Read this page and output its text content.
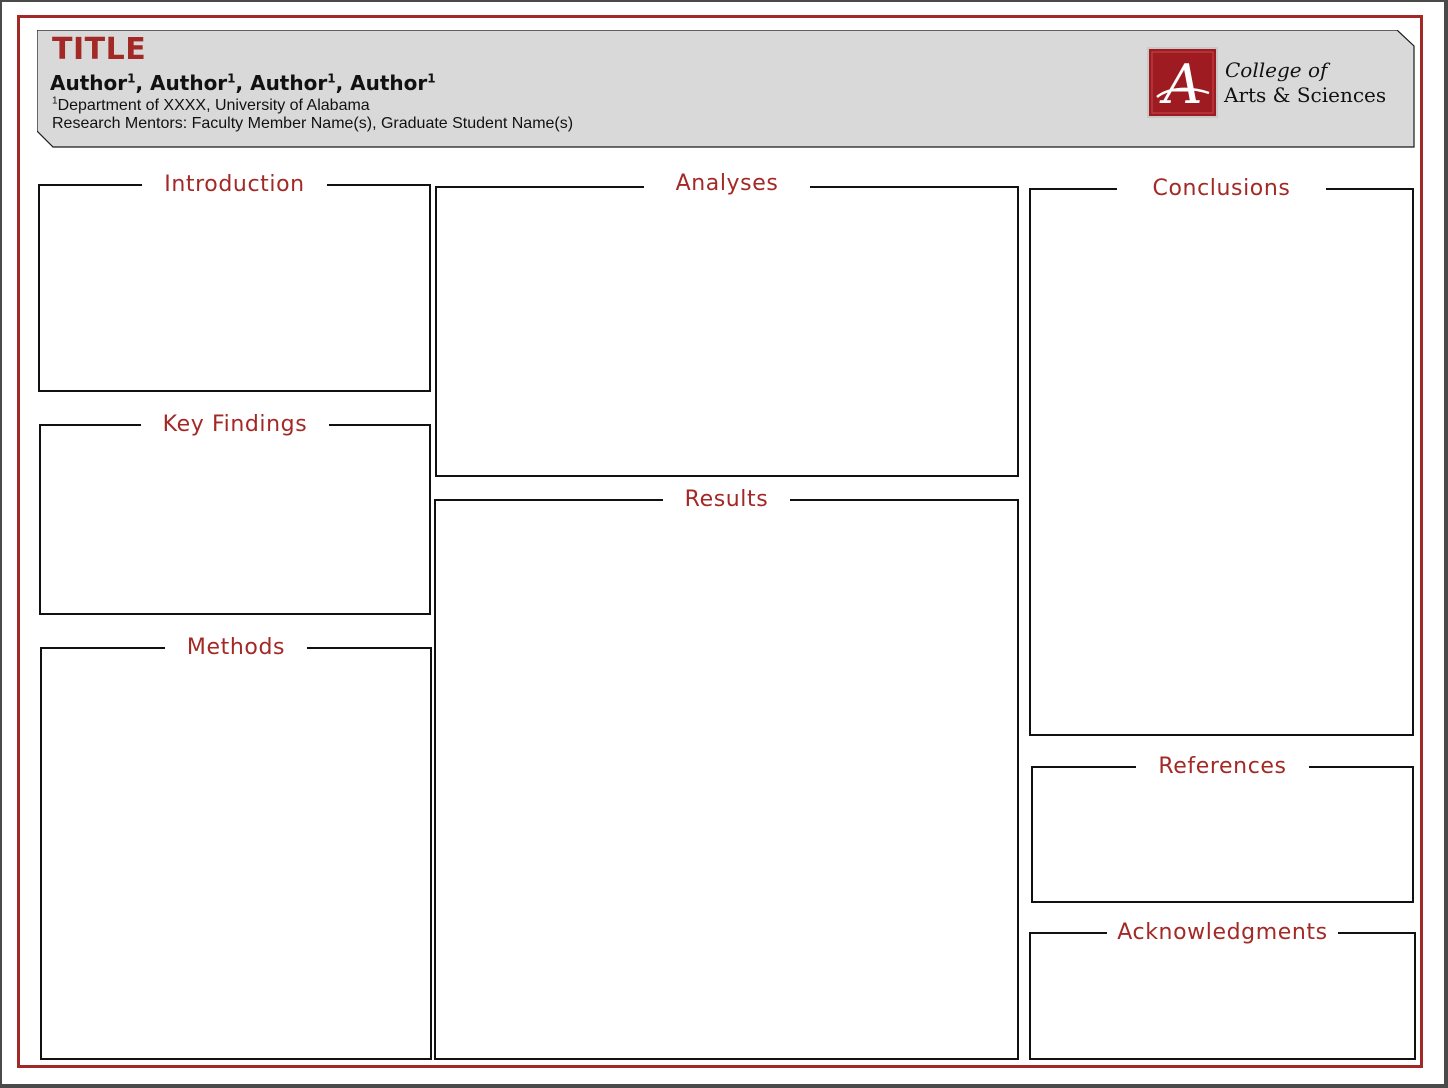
TITLE
Author$^1$, Author$^1$, Author$^1$, Author$^1$
$^1$Department of XXXX, University of Alabama
Research Mentors: Faculty Member Name(s), Graduate Student Name(s)
A College of
Arts & Sciences
Introduction
Key Findings
Methods
Analyses
Results
Conclusions
References
Acknowledgments
